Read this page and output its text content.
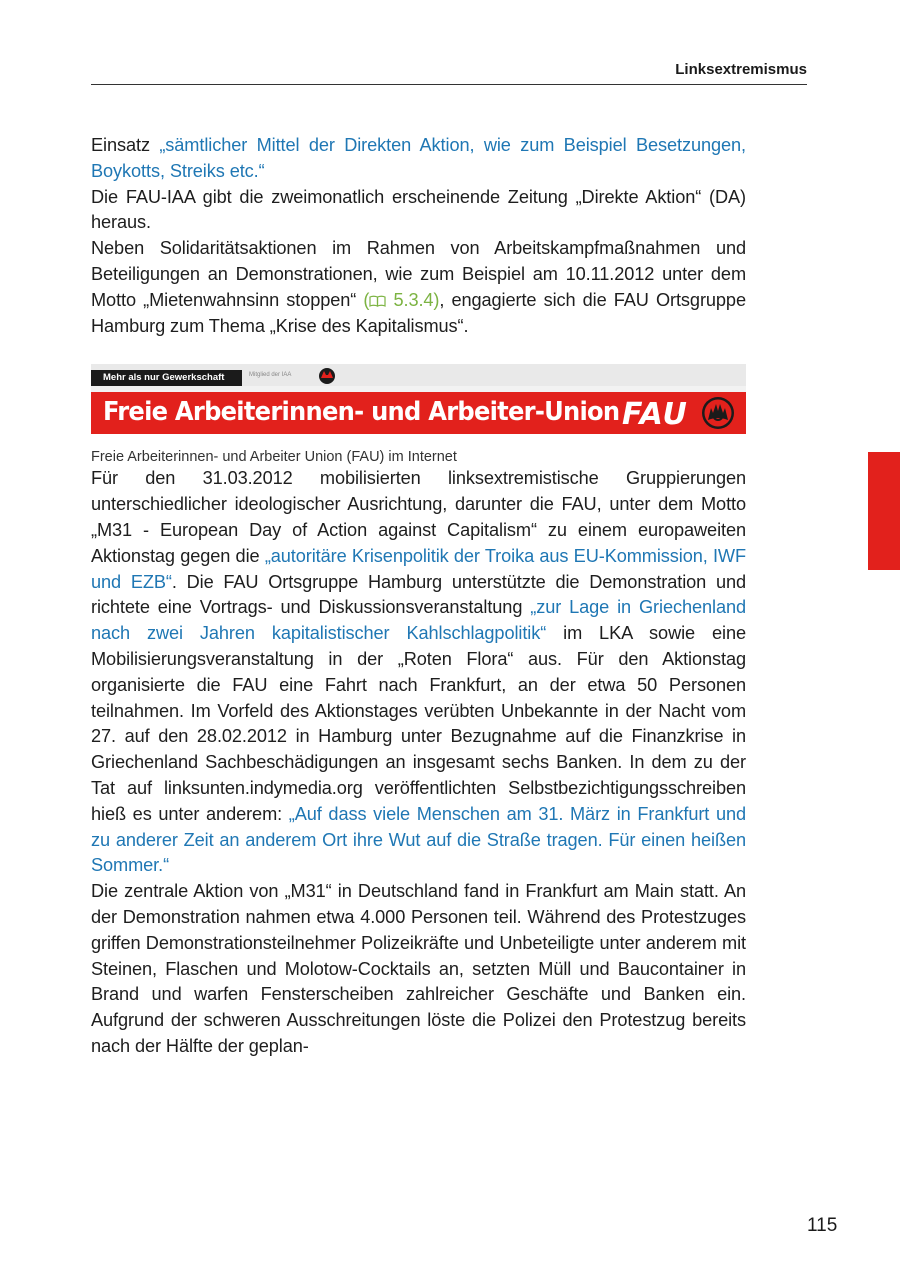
Linksextremismus

Einsatz „sämtlicher Mittel der Direkten Aktion, wie zum Beispiel Besetzungen, Boykotts, Streiks etc.“

Die FAU-IAA gibt die zweimonatlich erscheinende Zeitung „Direkte Aktion“ (DA) heraus.

Neben Solidaritätsaktionen im Rahmen von Arbeitskampfmaßnahmen und Beteiligungen an Demonstrationen, wie zum Beispiel am 10.11.2012 unter dem Motto „Mietenwahnsinn stoppen“ ( 5.3.4), engagierte sich die FAU Ortsgruppe Hamburg zum Thema „Krise des Kapitalismus“.

Mehr als nur Gewerkschaft	Mitglied der IAA
Freie Arbeiterinnen- und Arbeiter-Union FAU
Freie Arbeiterinnen- und Arbeiter Union (FAU) im Internet

Für den 31.03.2012 mobilisierten linksextremistische Gruppierungen unterschiedlicher ideologischer Ausrichtung, darunter die FAU, unter dem Motto „M31 - European Day of Action against Capitalism“ zu einem europaweiten Aktionstag gegen die „autoritäre Krisenpolitik der Troika aus EU-Kommission, IWF und EZB“. Die FAU Ortsgruppe Hamburg unterstützte die Demonstration und richtete eine Vortrags- und Diskussionsveranstaltung „zur Lage in Griechenland nach zwei Jahren kapitalistischer Kahlschlagpolitik“ im LKA sowie eine Mobilisierungsveranstaltung in der „Roten Flora“ aus. Für den Aktionstag organisierte die FAU eine Fahrt nach Frankfurt, an der etwa 50 Personen teilnahmen. Im Vorfeld des Aktionstages verübten Unbekannte in der Nacht vom 27. auf den 28.02.2012 in Hamburg unter Bezugnahme auf die Finanzkrise in Griechenland Sachbeschädigungen an insgesamt sechs Banken. In dem zu der Tat auf linksunten.indymedia.org veröffentlichten Selbstbezichtigungsschreiben hieß es unter anderem: „Auf dass viele Menschen am 31. März in Frankfurt und zu anderer Zeit an anderem Ort ihre Wut auf die Straße tragen. Für einen heißen Sommer.“

Die zentrale Aktion von „M31“ in Deutschland fand in Frankfurt am Main statt. An der Demonstration nahmen etwa 4.000 Personen teil. Während des Protestzuges griffen Demonstrationsteilnehmer Polizeikräfte und Unbeteiligte unter anderem mit Steinen, Flaschen und Molotow-Cocktails an, setzten Müll und Baucontainer in Brand und warfen Fensterscheiben zahlreicher Geschäfte und Banken ein. Aufgrund der schweren Ausschreitungen löste die Polizei den Protestzug bereits nach der Hälfte der geplan-

115
